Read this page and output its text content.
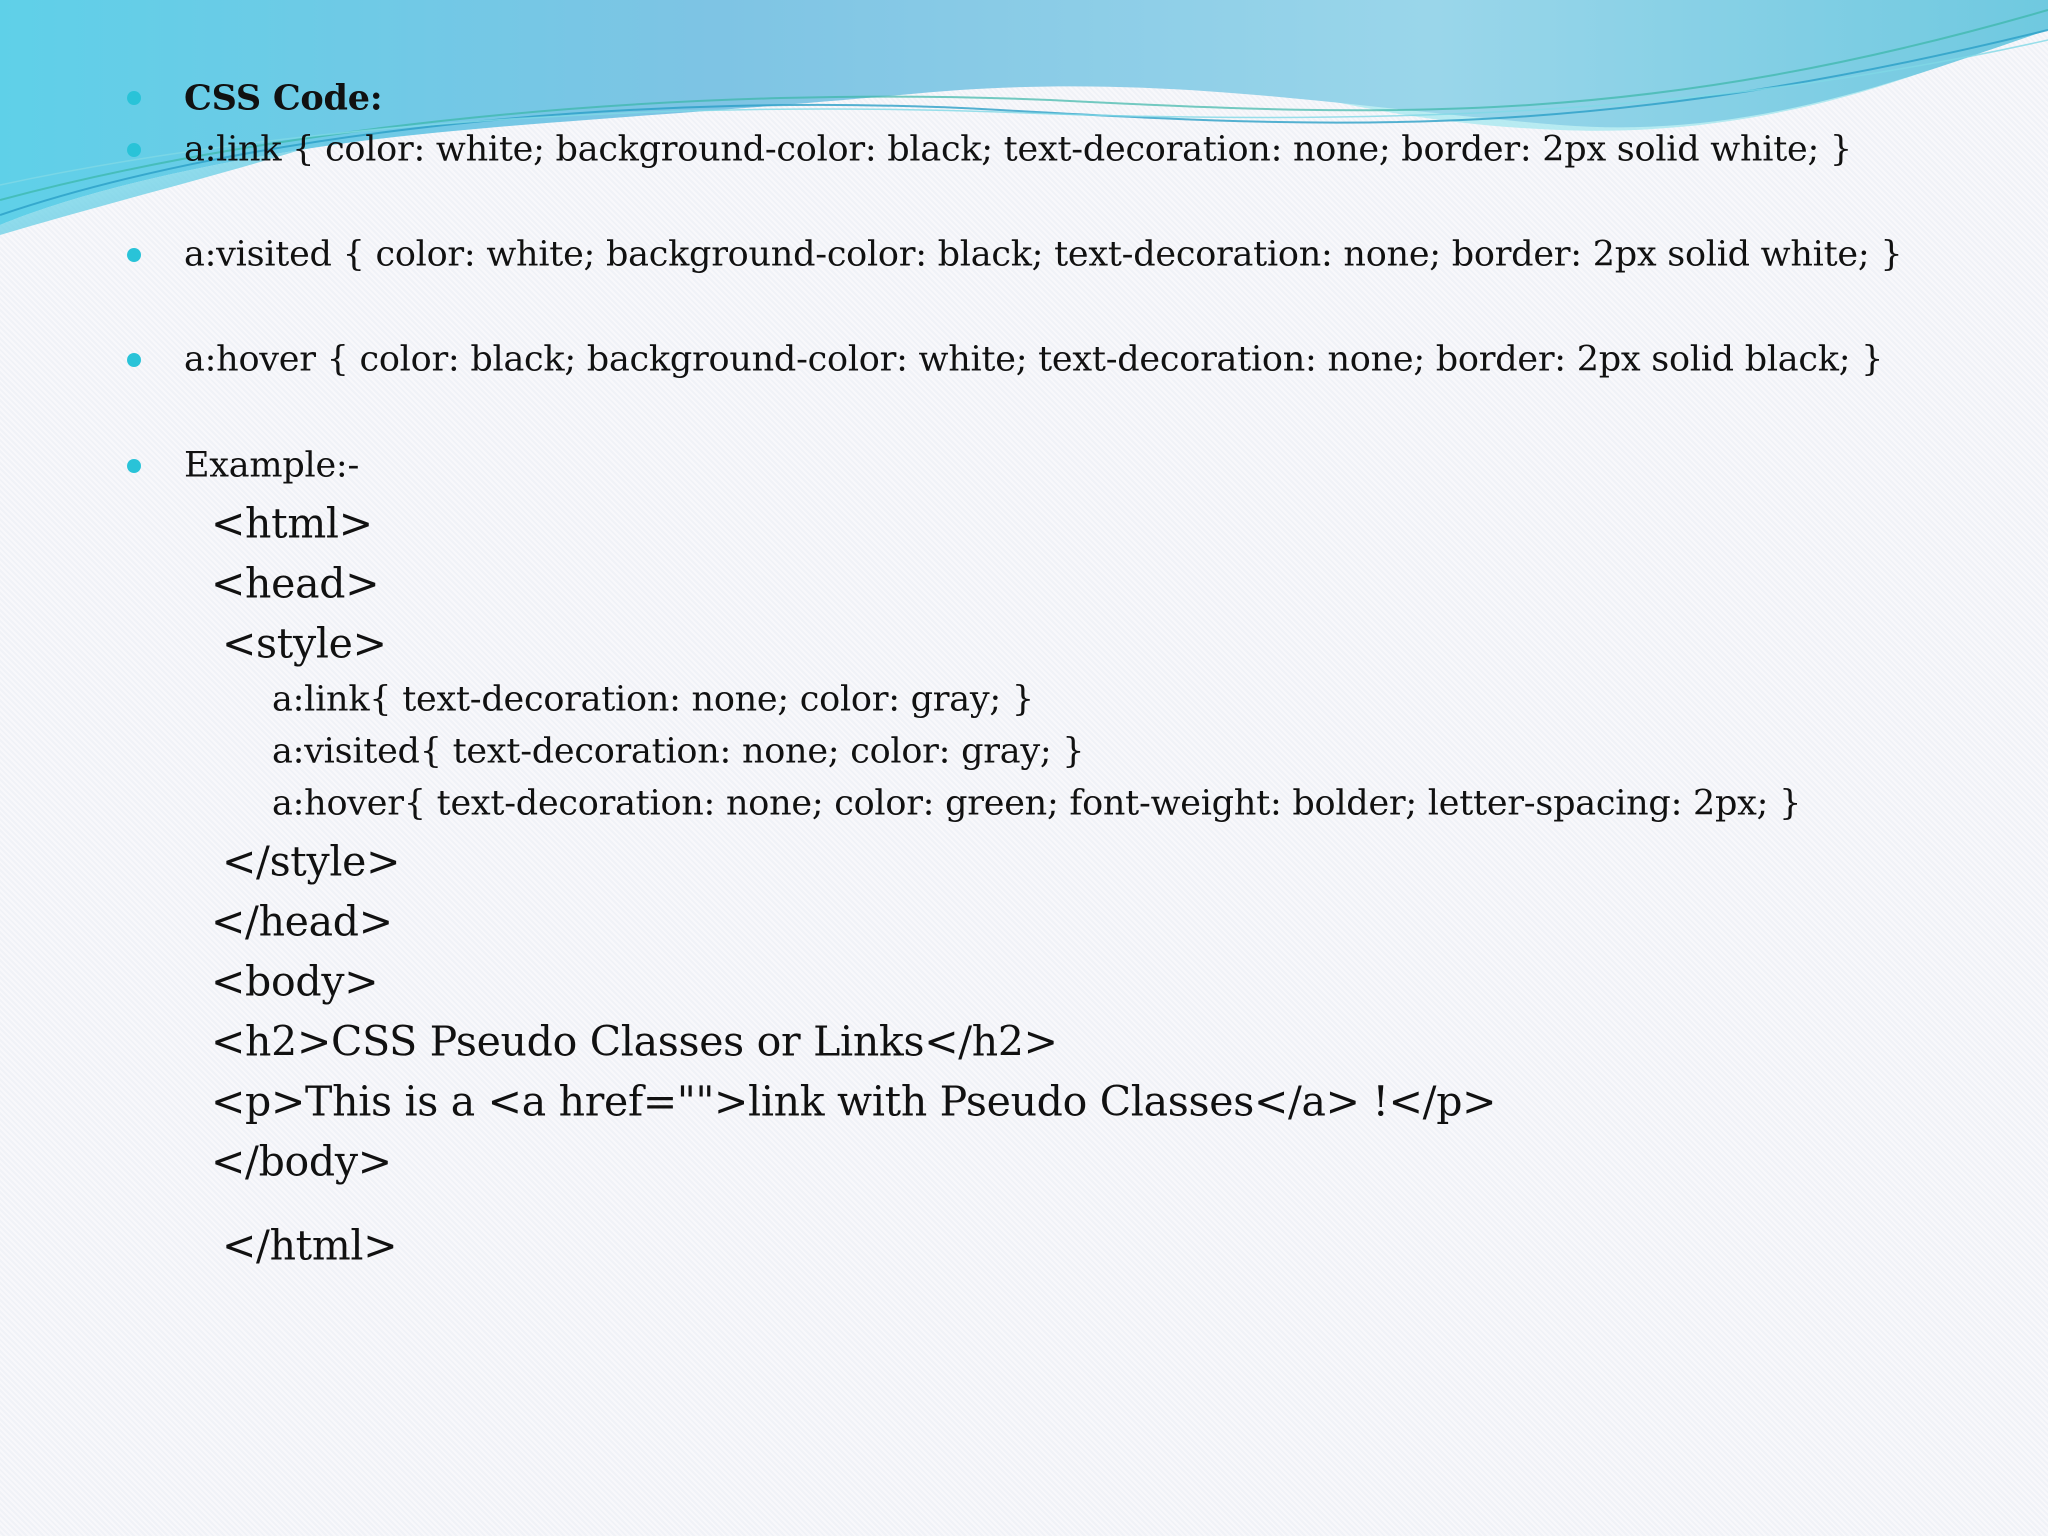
CSS Code:
a:link { color: white; background-color: black; text-decoration: none; border: 2px solid white; }
a:visited { color: white; background-color: black; text-decoration: none; border: 2px solid white; }
a:hover { color: black; background-color: white; text-decoration: none; border: 2px solid black; }
Example:-
<html>
<head>
<style>
a:link{ text-decoration: none; color: gray; }
a:visited{ text-decoration: none; color: gray; }
a:hover{ text-decoration: none; color: green; font-weight: bolder; letter-spacing: 2px; }
</style>
</head>
<body>
<h2>CSS Pseudo Classes or Links</h2>
<p>This is a <a href="">link with Pseudo Classes</a> !</p>
</body>
</html>
